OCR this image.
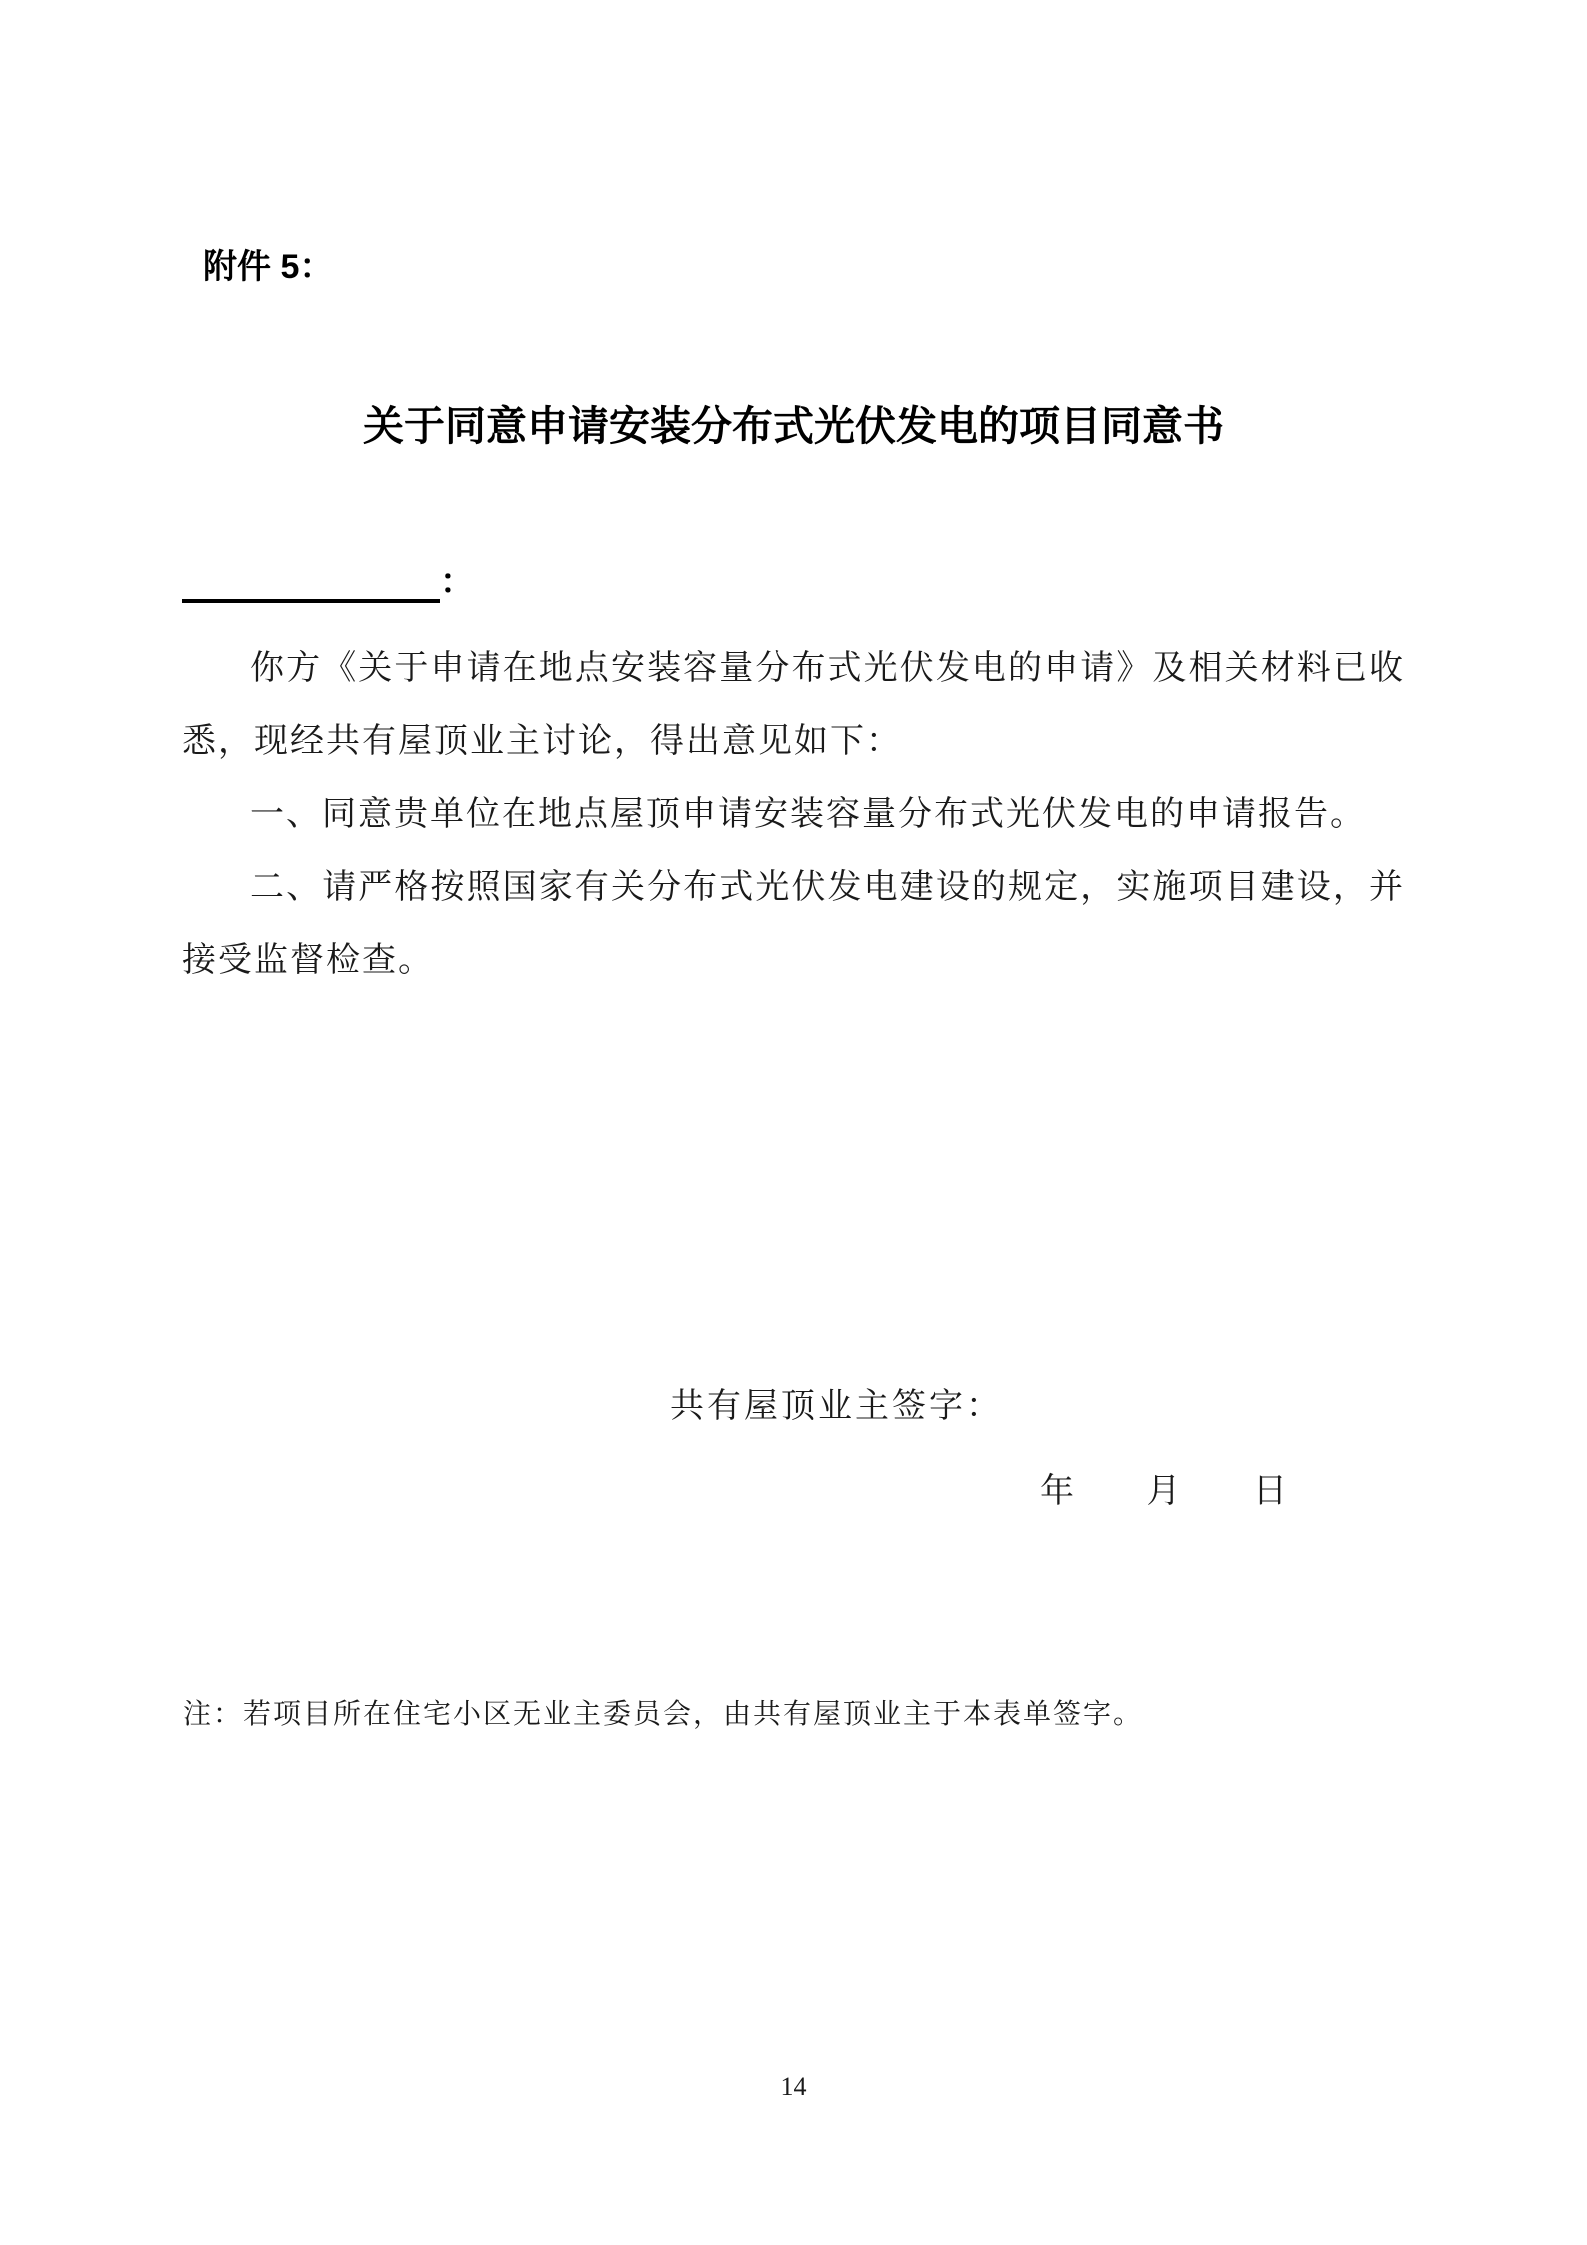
附件 5：
关于同意申请安装分布式光伏发电的项目同意书
：

你方《关于申请在地点安装容量分布式光伏发电的申请》及相关材料已收悉，现经共有屋顶业主讨论，得出意见如下：

一、同意贵单位在地点屋顶申请安装容量分布式光伏发电的申请报告。

二、请严格按照国家有关分布式光伏发电建设的规定，实施项目建设，并接受监督检查。

共有屋顶业主签字：
年 月 日
注：若项目所在住宅小区无业主委员会，由共有屋顶业主于本表单签字。
14
